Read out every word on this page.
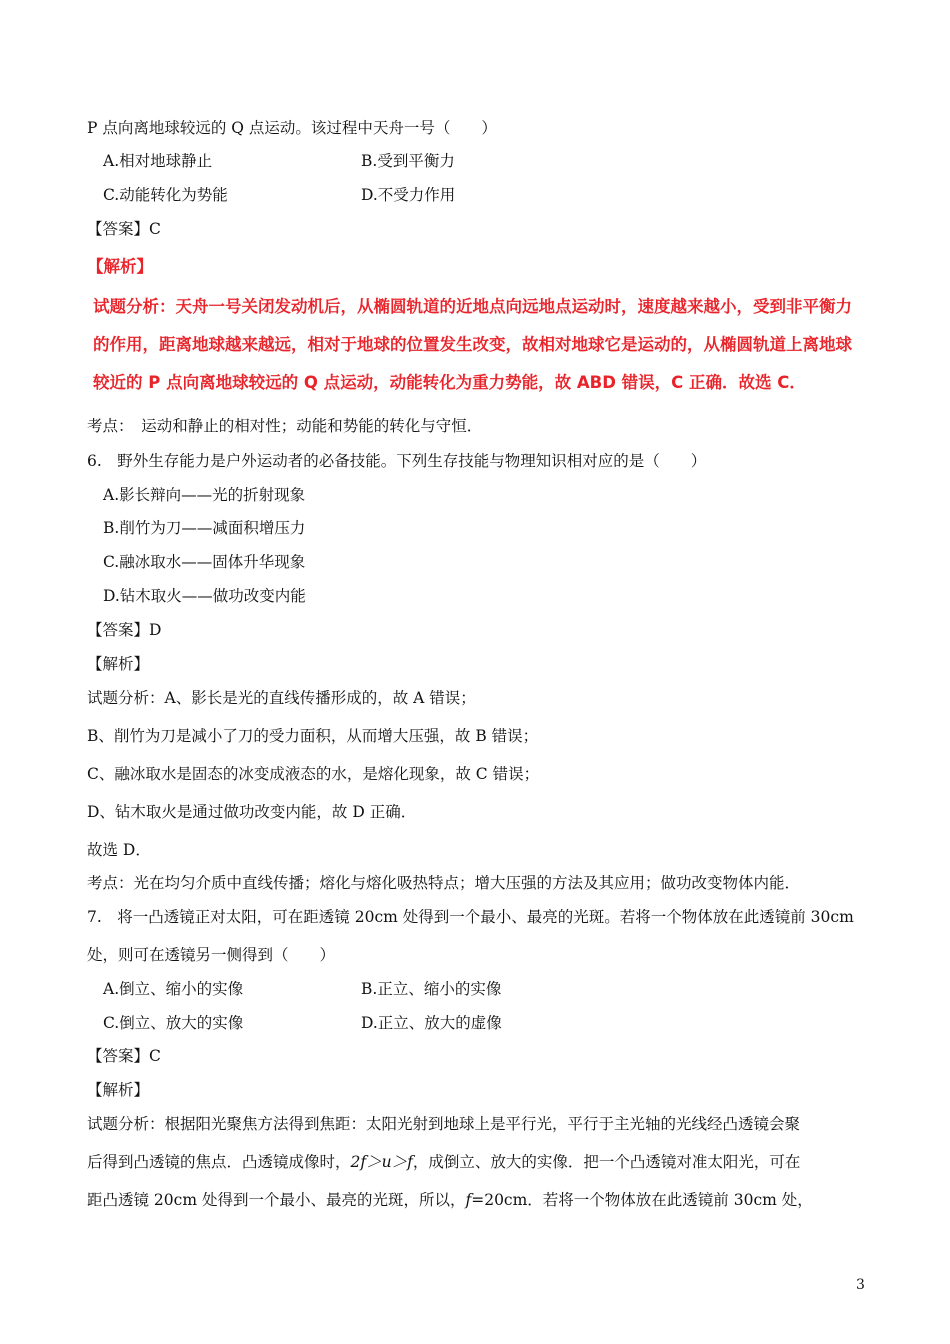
P 点向离地球较远的 Q 点运动。该过程中天舟一号（　　）
A.相对地球静止	B.受到平衡力
C.动能转化为势能	D.不受力作用
【答案】C
【解析】
试题分析：天舟一号关闭发动机后，从椭圆轨道的近地点向远地点运动时，速度越来越小，受到非平衡力
的作用，距离地球越来越远，相对于地球的位置发生改变，故相对地球它是运动的，从椭圆轨道上离地球
较近的 P 点向离地球较远的 Q 点运动，动能转化为重力势能，故 ABD 错误，C 正确．故选 C．
考点：　运动和静止的相对性；动能和势能的转化与守恒．
6.　野外生存能力是户外运动者的必备技能。下列生存技能与物理知识相对应的是（　　）
A.影长辩向——光的折射现象
B.削竹为刀——减面积增压力
C.融冰取水——固体升华现象
D.钻木取火——做功改变内能
【答案】D
【解析】
试题分析：A、影长是光的直线传播形成的，故 A 错误；
B、削竹为刀是减小了刀的受力面积，从而增大压强，故 B 错误；
C、融冰取水是固态的冰变成液态的水，是熔化现象，故 C 错误；
D、钻木取火是通过做功改变内能，故 D 正确．
故选 D．
考点：光在均匀介质中直线传播；熔化与熔化吸热特点；增大压强的方法及其应用；做功改变物体内能．
7.　将一凸透镜正对太阳，可在距透镜 20cm 处得到一个最小、最亮的光斑。若将一个物体放在此透镜前 30cm
处，则可在透镜另一侧得到（　　）
A.倒立、缩小的实像	B.正立、缩小的实像
C.倒立、放大的实像	D.正立、放大的虚像
【答案】C
【解析】
试题分析：根据阳光聚焦方法得到焦距：太阳光射到地球上是平行光，平行于主光轴的光线经凸透镜会聚
后得到凸透镜的焦点．凸透镜成像时，2f＞u＞f，成倒立、放大的实像．把一个凸透镜对准太阳光，可在
距凸透镜 20cm 处得到一个最小、最亮的光斑，所以，f=20cm．若将一个物体放在此透镜前 30cm 处，
3
